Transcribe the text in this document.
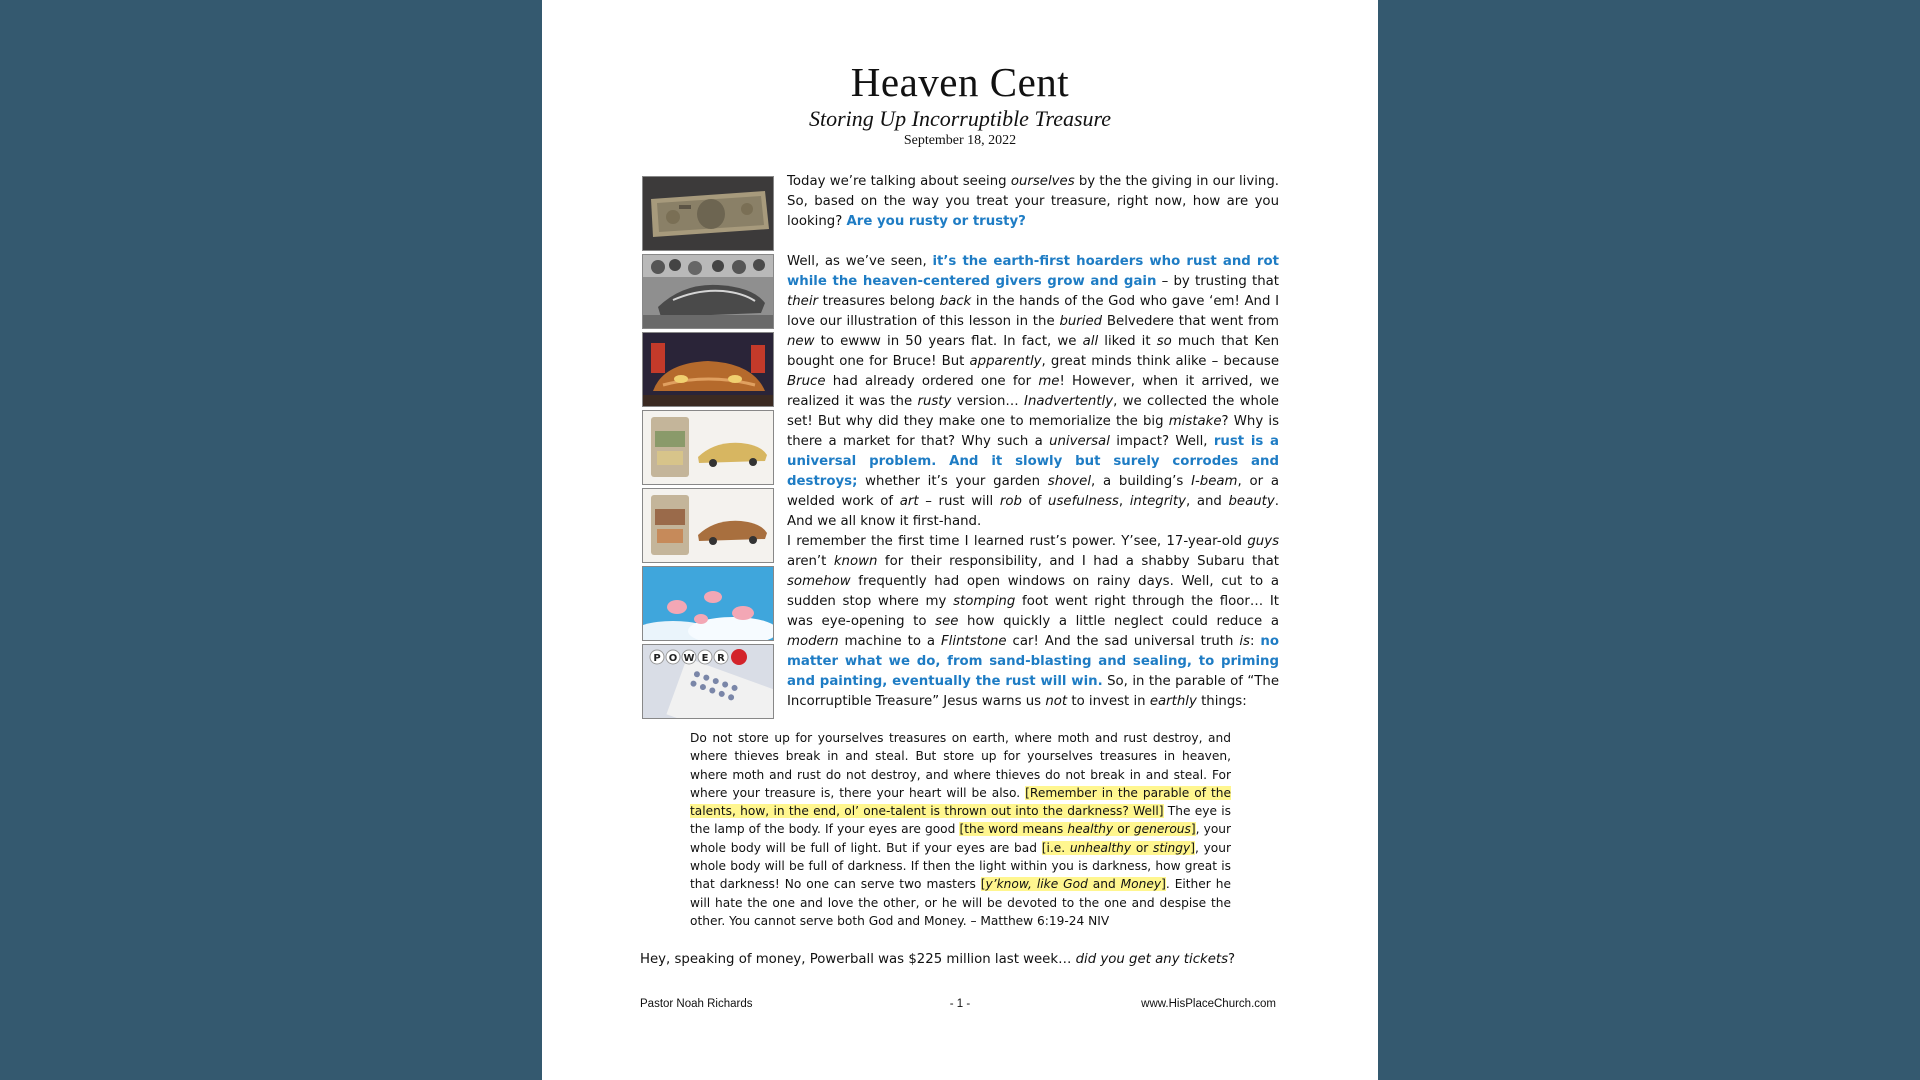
Heaven Cent
Storing Up Incorruptible Treasure
September 18, 2022
P O W E R

Today we’re talking about seeing ourselves by the the giving in our living. So, based on the way you treat your treasure, right now, how are you looking? Are you rusty or trusty?

Well, as we’ve seen, it’s the earth-first hoarders who rust and rot while the heaven-centered givers grow and gain – by trusting that their treasures belong back in the hands of the God who gave ‘em! And I love our illustration of this lesson in the buried Belvedere that went from new to ewww in 50 years flat. In fact, we all liked it so much that Ken bought one for Bruce! But apparently, great minds think alike – because Bruce had already ordered one for me! However, when it arrived, we realized it was the rusty version… Inadvertently, we collected the whole set! But why did they make one to memorialize the big mistake? Why is there a market for that? Why such a universal impact? Well, rust is a universal problem. And it slowly but surely corrodes and destroys; whether it’s your garden shovel, a building’s I-beam, or a welded work of art – rust will rob of usefulness, integrity, and beauty. And we all know it first-hand.

I remember the first time I learned rust’s power. Y’see, 17-year-old guys aren’t known for their responsibility, and I had a shabby Subaru that somehow frequently had open windows on rainy days. Well, cut to a sudden stop where my stomping foot went right through the floor… It was eye-opening to see how quickly a little neglect could reduce a modern machine to a Flintstone car! And the sad universal truth is: no matter what we do, from sand-blasting and sealing, to priming and painting, eventually the rust will win. So, in the parable of “The Incorruptible Treasure” Jesus warns us not to invest in earthly things:

Do not store up for yourselves treasures on earth, where moth and rust destroy, and where thieves break in and steal. But store up for yourselves treasures in heaven, where moth and rust do not destroy, and where thieves do not break in and steal. For where your treasure is, there your heart will be also. [Remember in the parable of the talents, how, in the end, ol’ one-talent is thrown out into the darkness? Well] The eye is the lamp of the body. If your eyes are good [the word means healthy or generous], your whole body will be full of light. But if your eyes are bad [i.e. unhealthy or stingy], your whole body will be full of darkness. If then the light within you is darkness, how great is that darkness! No one can serve two masters [y’know, like God and Money]. Either he will hate the one and love the other, or he will be devoted to the one and despise the other. You cannot serve both God and Money. – Matthew 6:19-24 NIV

Hey, speaking of money, Powerball was $225 million last week… did you get any tickets?

Pastor Noah Richards	- 1 -	www.HisPlaceChurch.com
